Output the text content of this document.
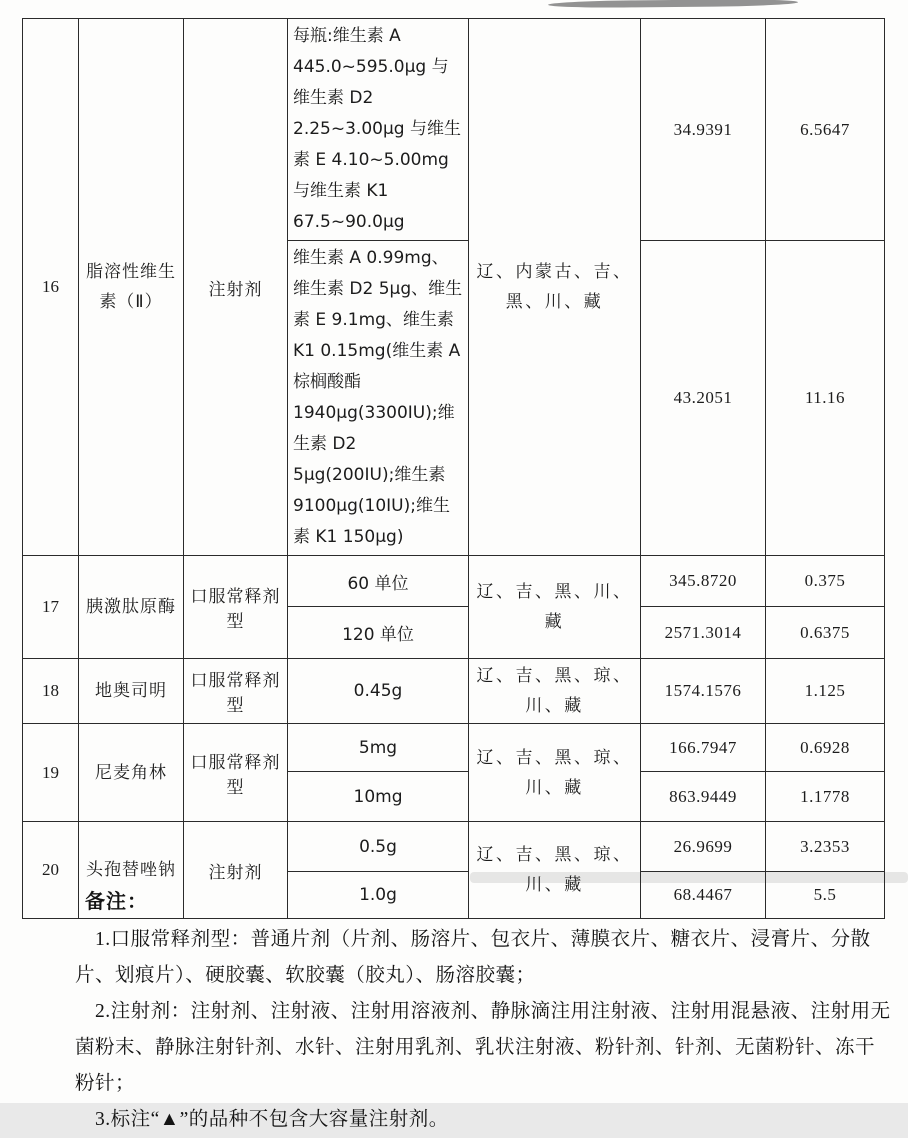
16	脂溶性维生素（Ⅱ）	注射剂	每瓶:维生素 A 445.0~595.0μg 与维生素 D2 2.25~3.00μg 与维生素 E 4.10~5.00mg 与维生素 K1 67.5~90.0μg	辽、内蒙古、吉、黑、川、藏	34.9391	6.5647
			维生素 A 0.99mg、维生素 D2 5μg、维生素 E 9.1mg、维生素 K1 0.15mg(维生素 A 棕榈酸酯 1940μg(3300IU);维生素 D2 5μg(200IU);维生素 9100μg(10IU);维生素 K1 150μg)		43.2051	11.16
17	胰激肽原酶	口服常释剂型	60 单位	辽、吉、黑、川、藏	345.8720	0.375
			120 单位		2571.3014	0.6375
18	地奥司明	口服常释剂型	0.45g	辽、吉、黑、琼、川、藏	1574.1576	1.125
19	尼麦角林	口服常释剂型	5mg	辽、吉、黑、琼、川、藏	166.7947	0.6928
			10mg		863.9449	1.1778
20	头孢替唑钠	注射剂	0.5g	辽、吉、黑、琼、川、藏	26.9699	3.2353
			1.0g		68.4467	5.5
备注：

1.口服常释剂型：普通片剂（片剂、肠溶片、包衣片、薄膜衣片、糖衣片、浸膏片、分散片、划痕片）、硬胶囊、软胶囊（胶丸）、肠溶胶囊；

2.注射剂：注射剂、注射液、注射用溶液剂、静脉滴注用注射液、注射用混悬液、注射用无菌粉末、静脉注射针剂、水针、注射用乳剂、乳状注射液、粉针剂、针剂、无菌粉针、冻干粉针；

3.标注“▲”的品种不包含大容量注射剂。
